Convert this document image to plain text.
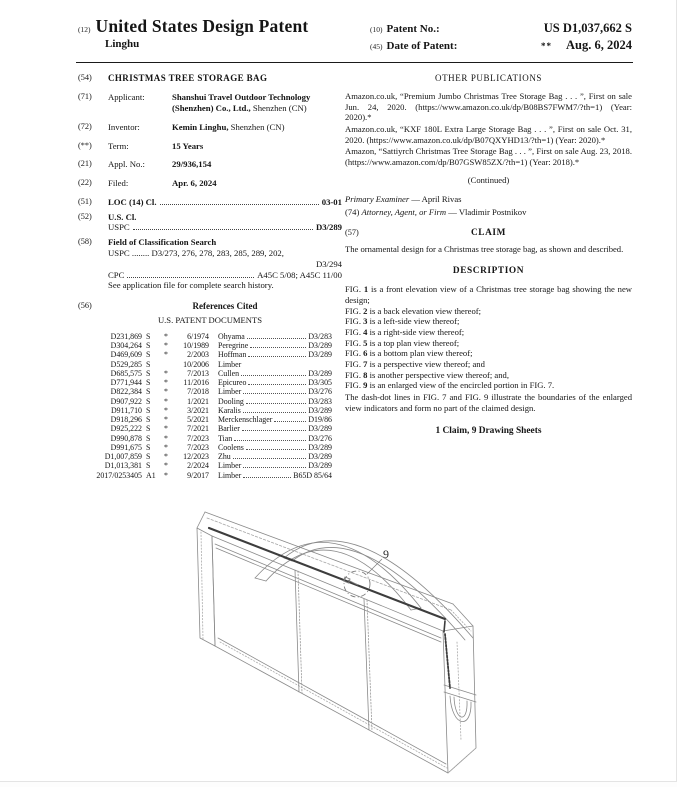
(12) United States Design Patent
Linghu
(10) Patent No.:	US D1,037,662 S
(45) Date of Patent:	** Aug. 6, 2024
(54)	CHRISTMAS TREE STORAGE BAG
(71)	Applicant:	Shanshui Travel Outdoor Technology (Shenzhen) Co., Ltd., Shenzhen (CN)
(72)	Inventor:	Kemin Linghu, Shenzhen (CN)
(**)	Term:	15 Years
(21)	Appl. No.:	29/936,154
(22)	Filed:	Apr. 6, 2024
(51)	LOC (14) Cl.	03-01
(52)	U.S. Cl.
USPC	D3/289
(58)	Field of Classification Search
USPC ........ D3/273, 276, 278, 283, 285, 289, 202,
D3/294
CPC	A45C 5/08; A45C 11/00
See application file for complete search history.
(56)	References Cited
U.S. PATENT DOCUMENTS
D231,869 S	*	6/1974	Ohyama	D3/283
D304,264 S	*	10/1989	Peregrine	D3/289
D469,609 S	*	2/2003	Hoffman	D3/289
D529,285 S	10/2006	Limber
D685,575 S	*	7/2013	Cullen	D3/289
D771,944 S	*	11/2016	Epicureo	D3/305
D822,384 S	*	7/2018	Limber	D3/276
D907,922 S	*	1/2021	Dooling	D3/283
D911,710 S	*	3/2021	Karalis	D3/289
D918,296 S	*	5/2021	Merckenschlager	D19/86
D925,222 S	*	7/2021	Barlier	D3/289
D990,878 S	*	7/2023	Tian	D3/276
D991,675 S	*	7/2023	Coolens	D3/289
D1,007,859 S	*	12/2023	Zhu	D3/289
D1,013,381 S	*	2/2024	Limber	D3/289
2017/0253405 A1	*	9/2017	Limber	B65D 85/64
OTHER PUBLICATIONS
Amazon.co.uk, “Premium Jumbo Christmas Tree Storage Bag . . . ”, First on sale Jun. 24, 2020. (https://www.amazon.co.uk/dp/B08BS7FWM7/?th=1) (Year: 2020).*
Amazon.co.uk, “KXF 180L Extra Large Storage Bag . . . ”, First on sale Oct. 31, 2020. (https://www.amazon.co.uk/dp/B07QXYHD13/?th=1) (Year: 2020).*
Amazon, “Sattiyrch Christmas Tree Storage Bag . . . ”, First on sale Aug. 23, 2018. (https://www.amazon.com/dp/B07GSW85ZX/?th=1) (Year: 2018).*
(Continued)
Primary Examiner — April Rivas
(74) Attorney, Agent, or Firm — Vladimir Postnikov
(57)	CLAIM
The ornamental design for a Christmas tree storage bag, as shown and described.
DESCRIPTION
FIG. 1 is a front elevation view of a Christmas tree storage bag showing the new design;
FIG. 2 is a back elevation view thereof;
FIG. 3 is a left-side view thereof;
FIG. 4 is a right-side view thereof;
FIG. 5 is a top plan view thereof;
FIG. 6 is a bottom plan view thereof;
FIG. 7 is a perspective view thereof; and
FIG. 8 is another perspective view thereof; and,
FIG. 9 is an enlarged view of the encircled portion in FIG. 7.
The dash-dot lines in FIG. 7 and FIG. 9 illustrate the boundaries of the enlarged view indicators and form no part of the claimed design.
1 Claim, 9 Drawing Sheets
9
